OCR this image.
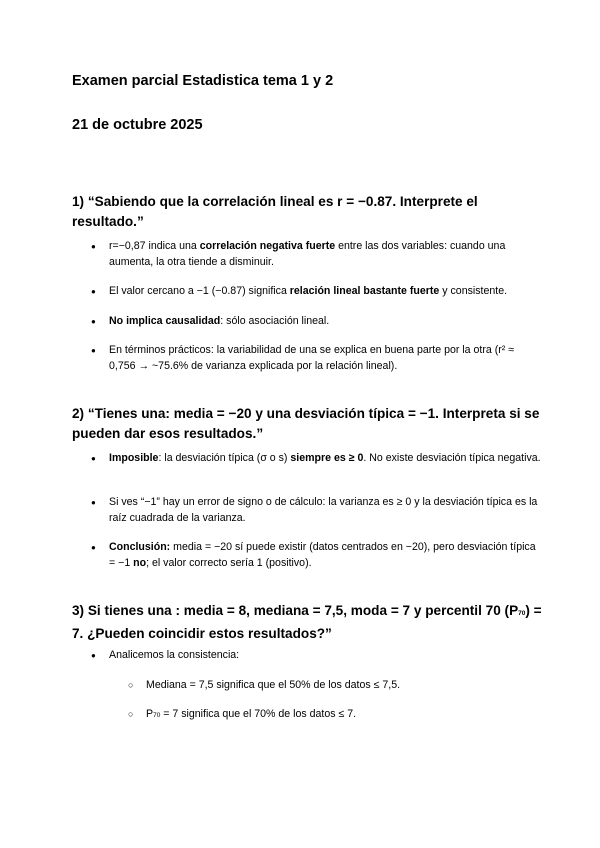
Examen parcial Estadistica tema 1 y 2

21 de octubre 2025

1) “Sabiendo que la correlación lineal es r = −0.87. Interprete el resultado.”

●	r=−0,87 indica una correlación negativa fuerte entre las dos variables: cuando una aumenta, la otra tiende a disminuir.
●	El valor cercano a −1 (−0.87) significa relación lineal bastante fuerte y consistente.
●	No implica causalidad: sólo asociación lineal.
●	En términos prácticos: la variabilidad de una se explica en buena parte por la otra (r² ≈ 0,756 → ~75.6% de varianza explicada por la relación lineal).

2) “Tienes una: media = −20 y una desviación típica = −1. Interpreta si se pueden dar esos resultados.”

●	Imposible: la desviación típica (σ o s) siempre es ≥ 0. No existe desviación típica negativa.
●	Si ves “−1” hay un error de signo o de cálculo: la varianza es ≥ 0 y la desviación típica es la raíz cuadrada de la varianza.
●	Conclusión: media = −20 sí puede existir (datos centrados en −20), pero desviación típica = −1 no; el valor correcto sería 1 (positivo).

3) Si tienes una : media = 8, mediana = 7,5, moda = 7 y percentil 70 (P70) = 7. ¿Pueden coincidir estos resultados?”

●	Analicemos la consistencia:
○	Mediana = 7,5 significa que el 50% de los datos ≤ 7,5.
○	P70 = 7 significa que el 70% de los datos ≤ 7.
